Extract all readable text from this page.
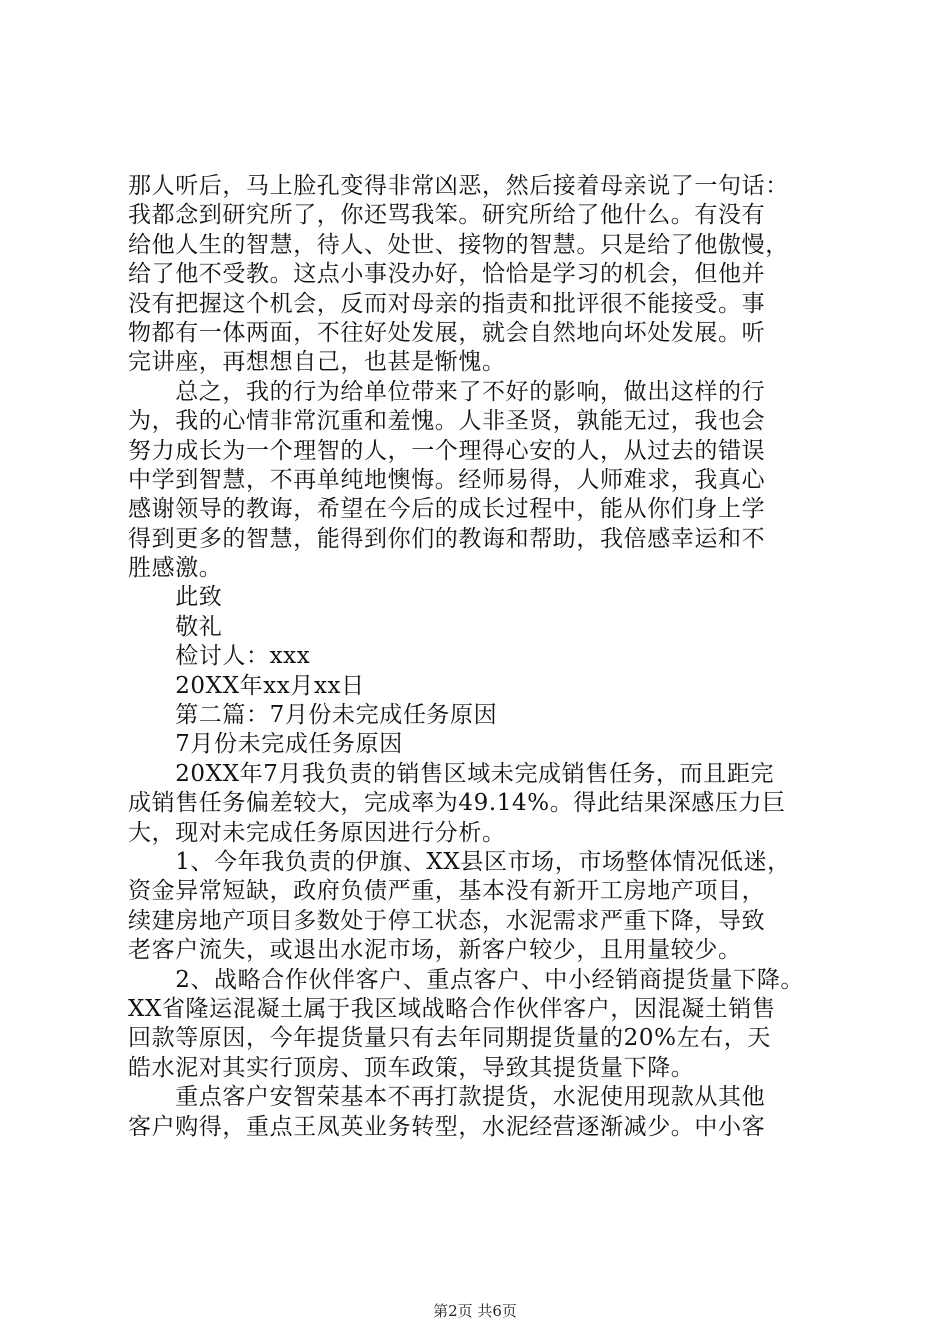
那人听后，马上脸孔变得非常凶恶，然后接着母亲说了一句话：
我都念到研究所了，你还骂我笨。研究所给了他什么。有没有
给他人生的智慧，待人、处世、接物的智慧。只是给了他傲慢，
给了他不受教。这点小事没办好，恰恰是学习的机会，但他并
没有把握这个机会，反而对母亲的指责和批评很不能接受。事
物都有一体两面，不往好处发展，就会自然地向坏处发展。听
完讲座，再想想自己，也甚是惭愧。
　　总之，我的行为给单位带来了不好的影响，做出这样的行
为，我的心情非常沉重和羞愧。人非圣贤，孰能无过，我也会
努力成长为一个理智的人，一个理得心安的人，从过去的错误
中学到智慧，不再单纯地懊悔。经师易得，人师难求，我真心
感谢领导的教诲，希望在今后的成长过程中，能从你们身上学
得到更多的智慧，能得到你们的教诲和帮助，我倍感幸运和不
胜感激。
　　此致
　　敬礼
　　检讨人：xxx
　　20XX年xx月xx日
　　第二篇：7月份未完成任务原因
　　7月份未完成任务原因
　　20XX年7月我负责的销售区域未完成销售任务，而且距完
成销售任务偏差较大，完成率为49.14%。得此结果深感压力巨
大，现对未完成任务原因进行分析。
　　1、今年我负责的伊旗、XX县区市场，市场整体情况低迷，
资金异常短缺，政府负债严重，基本没有新开工房地产项目，
续建房地产项目多数处于停工状态，水泥需求严重下降，导致
老客户流失，或退出水泥市场，新客户较少，且用量较少。
　　2、战略合作伙伴客户、重点客户、中小经销商提货量下降。
XX省隆运混凝土属于我区域战略合作伙伴客户，因混凝土销售
回款等原因，今年提货量只有去年同期提货量的20%左右，天
皓水泥对其实行顶房、顶车政策，导致其提货量下降。
　　重点客户安智荣基本不再打款提货，水泥使用现款从其他
客户购得，重点王凤英业务转型，水泥经营逐渐减少。中小客
第2页 共6页
